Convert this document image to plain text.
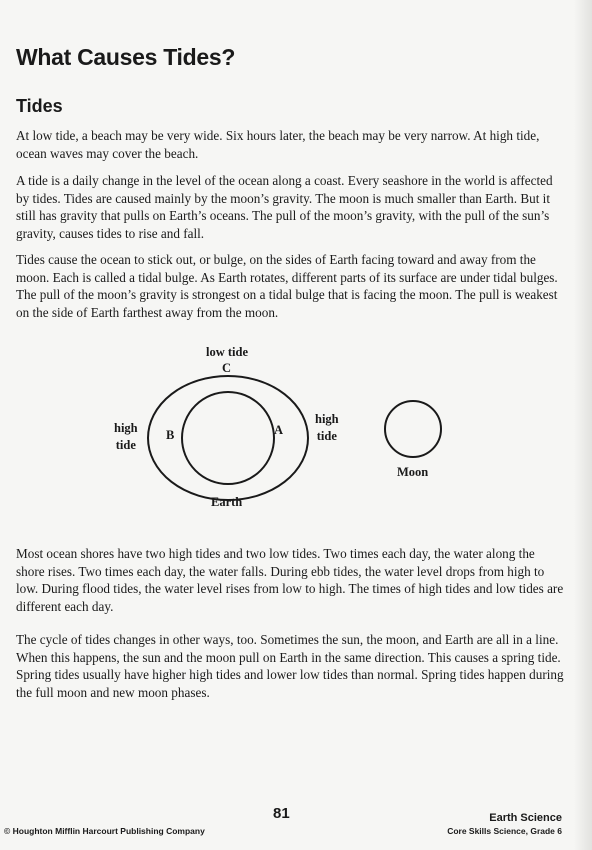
What Causes Tides?
Tides

At low tide, a beach may be very wide. Six hours later, the beach may be very narrow. At high tide, ocean waves may cover the beach.

A tide is a daily change in the level of the ocean along a coast. Every seashore in the world is affected by tides. Tides are caused mainly by the moon’s gravity. The moon is much smaller than Earth. But it still has gravity that pulls on Earth’s oceans. The pull of the moon’s gravity, with the pull of the sun’s gravity, causes tides to rise and fall.

Tides cause the ocean to stick out, or bulge, on the sides of Earth facing toward and away from the moon. Each is called a tidal bulge. As Earth rotates, different parts of its surface are under tidal bulges. The pull of the moon’s gravity is strongest on a tidal bulge that is facing the moon. The pull is weakest on the side of Earth farthest away from the moon.

low tide
C
B	A
high
tide
high
tide
Earth
Moon

Most ocean shores have two high tides and two low tides. Two times each day, the water along the shore rises. Two times each day, the water falls. During ebb tides, the water level drops from high to low. During flood tides, the water level rises from low to high. The times of high tides and low tides are different each day.

The cycle of tides changes in other ways, too. Sometimes the sun, the moon, and Earth are all in a line. When this happens, the sun and the moon pull on Earth in the same direction. This causes a spring tide. Spring tides usually have higher high tides and lower low tides than normal. Spring tides happen during the full moon and new moon phases.

© Houghton Mifflin Harcourt Publishing Company
81	Earth Science
Core Skills Science, Grade 6
